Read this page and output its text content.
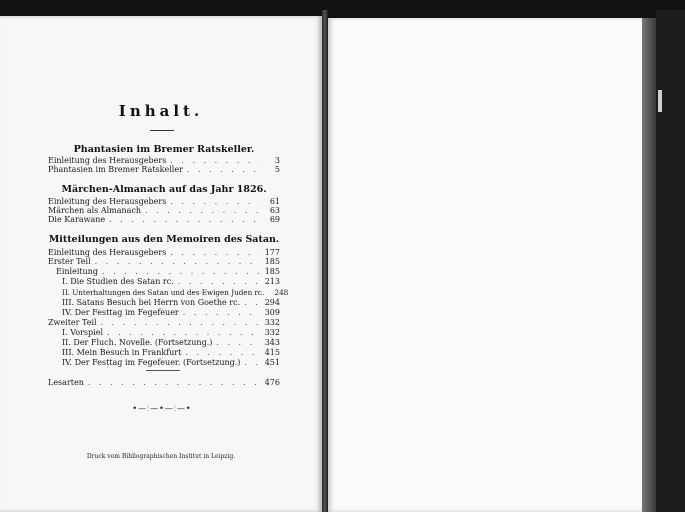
Inhalt.
Phantasien im Bremer Ratskeller.
Einleitung des Herausgebers . . .	3
Phantasien im Bremer Ratskeller . . .	5
Märchen-Almanach auf das Jahr 1826.
Einleitung des Herausgebers . . .	61
Märchen als Almanach . . .	63
Die Karawane . . .	69
Mitteilungen aus den Memoiren des Satan.
Einleitung des Herausgebers . . .	177
Erster Teil . . .	185
Einleitung . . .	185
I. Die Studien des Satan rc. . . .	213
II. Unterhaltungen des Satan und des Ewigen Juden rc.	248
III. Satans Besuch bei Herrn von Goethe rc. . . .	294
IV. Der Festtag im Fegefeuer . . .	309
Zweiter Teil . . .	332
I. Vorspiel . . .	332
II. Der Fluch. Novelle. (Fortsetzung.) . . .	343
III. Mein Besuch in Frankfurt . . .	415
IV. Der Festtag im Fegefeuer. (Fortsetzung.) . . .	451
Lesarten . . .	476
•—⫶—•—⫶—•
Druck vom Bibliographischen Institut in Leipzig.
